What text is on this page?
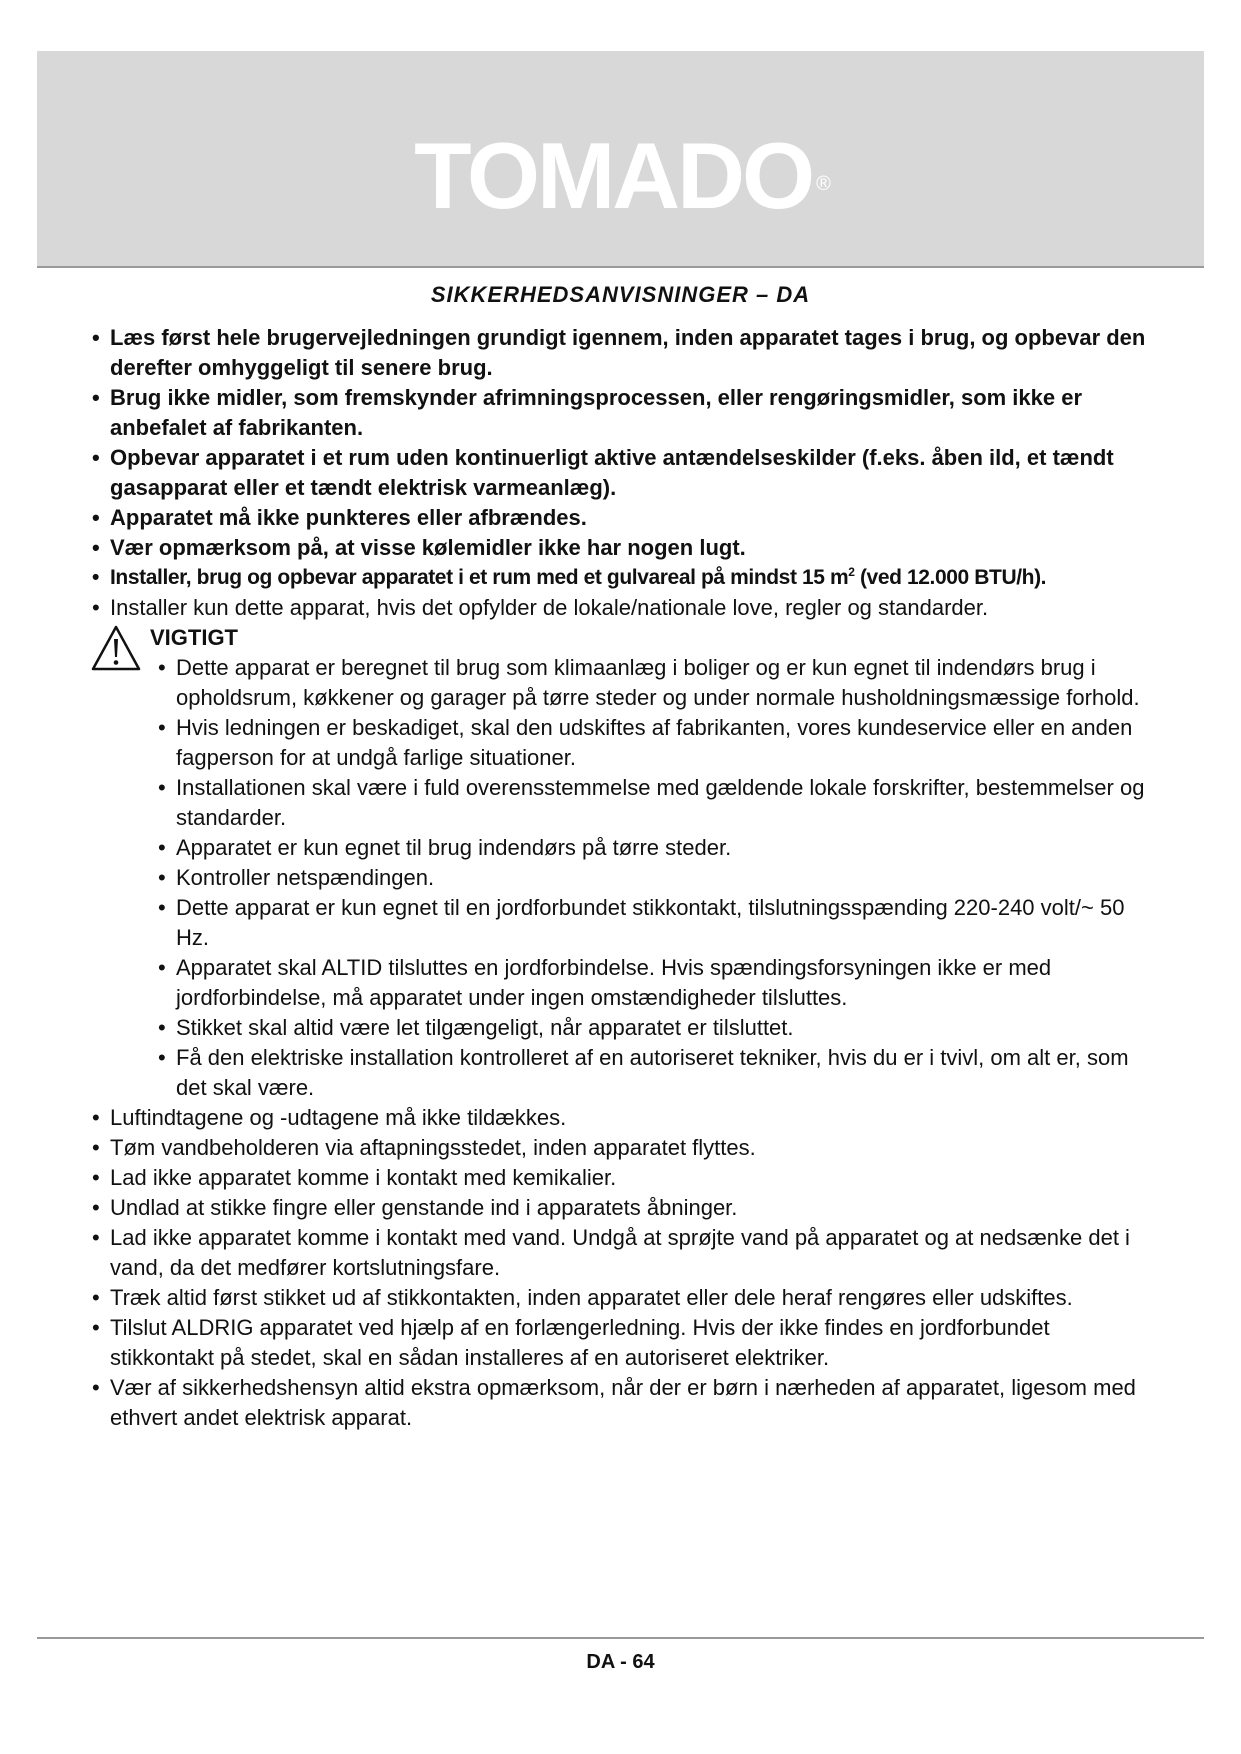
TOMADO ®
SIKKERHEDSANVISNINGER – DA
• Læs først hele brugervejledningen grundigt igennem, inden apparatet tages i brug, og opbevar den derefter omhyggeligt til senere brug.
• Brug ikke midler, som fremskynder afrimningsprocessen, eller rengøringsmidler, som ikke er anbefalet af fabrikanten.
• Opbevar apparatet i et rum uden kontinuerligt aktive antændelseskilder (f.eks. åben ild, et tændt gasapparat eller et tændt elektrisk varmeanlæg).
• Apparatet må ikke punkteres eller afbrændes.
• Vær opmærksom på, at visse kølemidler ikke har nogen lugt.
• Installer, brug og opbevar apparatet i et rum med et gulvareal på mindst 15 $m^2$ (ved 12.000 BTU/h).
• Installer kun dette apparat, hvis det opfylder de lokale/nationale love, regler og standarder.
VIGTIGT
• Dette apparat er beregnet til brug som klimaanlæg i boliger og er kun egnet til indendørs brug i opholdsrum, køkkener og garager på tørre steder og under normale husholdningsmæssige forhold.
• Hvis ledningen er beskadiget, skal den udskiftes af fabrikanten, vores kundeservice eller en anden fagperson for at undgå farlige situationer.
• Installationen skal være i fuld overensstemmelse med gældende lokale forskrifter, bestemmelser og standarder.
• Apparatet er kun egnet til brug indendørs på tørre steder.
• Kontroller netspændingen.
• Dette apparat er kun egnet til en jordforbundet stikkontakt, tilslutningsspænding 220-240 volt/~ 50 Hz.
• Apparatet skal ALTID tilsluttes en jordforbindelse. Hvis spændingsforsyningen ikke er med jordforbindelse, må apparatet under ingen omstændigheder tilsluttes.
• Stikket skal altid være let tilgængeligt, når apparatet er tilsluttet.
• Få den elektriske installation kontrolleret af en autoriseret tekniker, hvis du er i tvivl, om alt er, som det skal være.
• Luftindtagene og -udtagene må ikke tildækkes.
• Tøm vandbeholderen via aftapningsstedet, inden apparatet flyttes.
• Lad ikke apparatet komme i kontakt med kemikalier.
• Undlad at stikke fingre eller genstande ind i apparatets åbninger.
• Lad ikke apparatet komme i kontakt med vand. Undgå at sprøjte vand på apparatet og at nedsænke det i vand, da det medfører kortslutningsfare.
• Træk altid først stikket ud af stikkontakten, inden apparatet eller dele heraf rengøres eller udskiftes.
• Tilslut ALDRIG apparatet ved hjælp af en forlængerledning. Hvis der ikke findes en jordforbundet stikkontakt på stedet, skal en sådan installeres af en autoriseret elektriker.
• Vær af sikkerhedshensyn altid ekstra opmærksom, når der er børn i nærheden af apparatet, ligesom med ethvert andet elektrisk apparat.
DA - 64
